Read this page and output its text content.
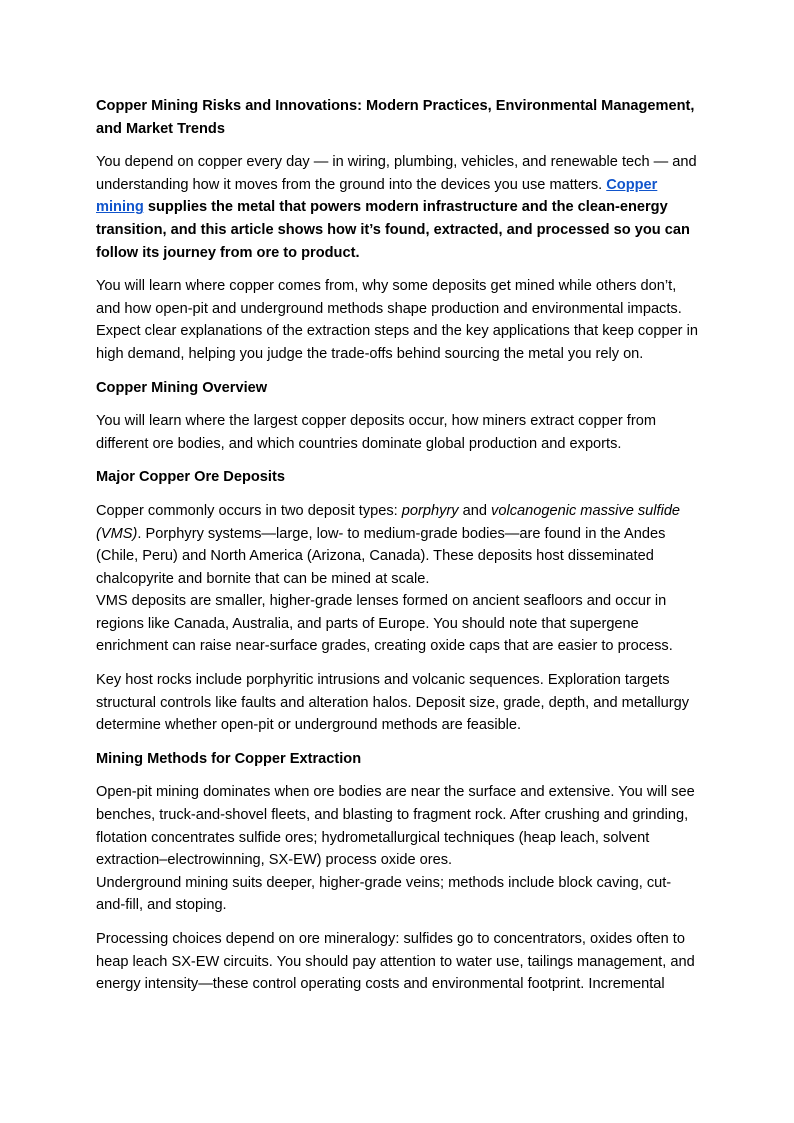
Copper Mining Risks and Innovations: Modern Practices, Environmental Management, and Market Trends

You depend on copper every day — in wiring, plumbing, vehicles, and renewable tech — and understanding how it moves from the ground into the devices you use matters. Copper mining supplies the metal that powers modern infrastructure and the clean-energy transition, and this article shows how it’s found, extracted, and processed so you can follow its journey from ore to product.

You will learn where copper comes from, why some deposits get mined while others don’t, and how open-pit and underground methods shape production and environmental impacts. Expect clear explanations of the extraction steps and the key applications that keep copper in high demand, helping you judge the trade-offs behind sourcing the metal you rely on.

Copper Mining Overview

You will learn where the largest copper deposits occur, how miners extract copper from different ore bodies, and which countries dominate global production and exports.

Major Copper Ore Deposits

Copper commonly occurs in two deposit types: porphyry and volcanogenic massive sulfide (VMS). Porphyry systems—large, low- to medium-grade bodies—are found in the Andes (Chile, Peru) and North America (Arizona, Canada). These deposits host disseminated chalcopyrite and bornite that can be mined at scale.
VMS deposits are smaller, higher-grade lenses formed on ancient seafloors and occur in regions like Canada, Australia, and parts of Europe. You should note that supergene enrichment can raise near-surface grades, creating oxide caps that are easier to process.

Key host rocks include porphyritic intrusions and volcanic sequences. Exploration targets structural controls like faults and alteration halos. Deposit size, grade, depth, and metallurgy determine whether open-pit or underground methods are feasible.

Mining Methods for Copper Extraction

Open-pit mining dominates when ore bodies are near the surface and extensive. You will see benches, truck-and-shovel fleets, and blasting to fragment rock. After crushing and grinding, flotation concentrates sulfide ores; hydrometallurgical techniques (heap leach, solvent extraction–electrowinning, SX-EW) process oxide ores.
Underground mining suits deeper, higher-grade veins; methods include block caving, cut-and-fill, and stoping.

Processing choices depend on ore mineralogy: sulfides go to concentrators, oxides often to heap leach SX-EW circuits. You should pay attention to water use, tailings management, and energy intensity—these control operating costs and environmental footprint. Incremental
